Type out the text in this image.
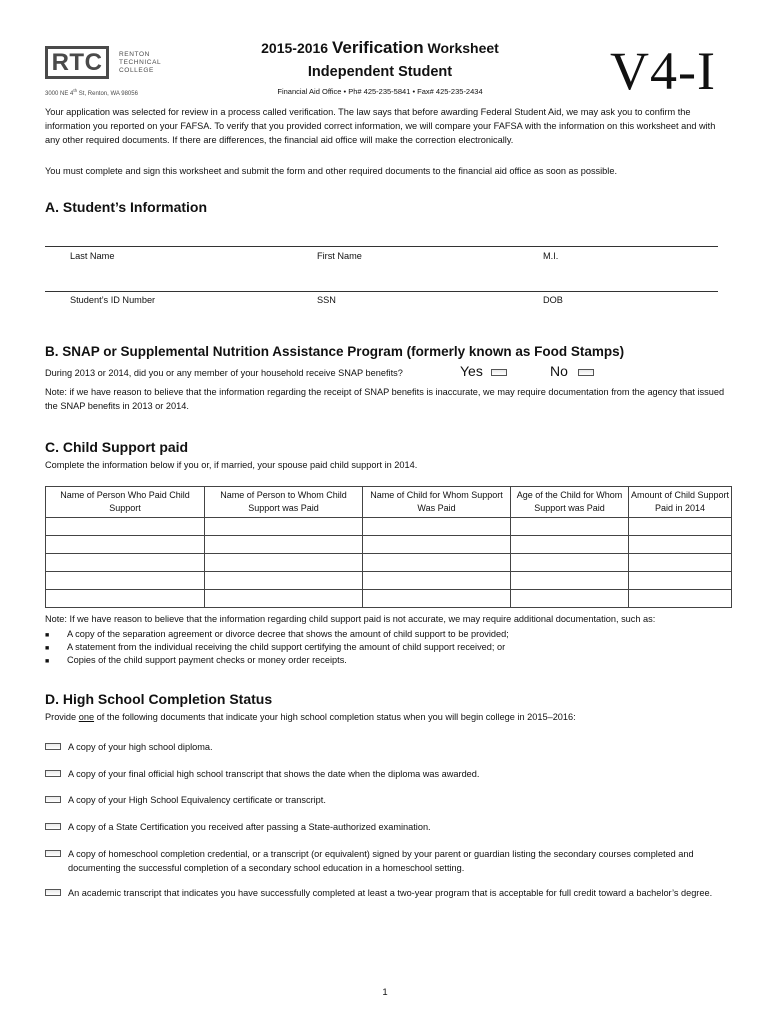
RTC	RENTON
TECHNICAL
COLLEGE
3000 NE 4th St, Renton, WA 98056
2015-2016 Verification Worksheet
Independent Student
Financial Aid Office • Ph# 425-235-5841 • Fax# 425-235-2434	V4-I
Your application was selected for review in a process called verification. The law says that before awarding Federal Student Aid, we may ask you to confirm the information you reported on your FAFSA. To verify that you provided correct information, we will compare your FAFSA with the information on this worksheet and with any other required documents. If there are differences, the financial aid office will make the correction electronically.
You must complete and sign this worksheet and submit the form and other required documents to the financial aid office as soon as possible.
A. Student’s Information
Last Name	First Name	M.I.
Student’s ID Number	SSN	DOB
B. SNAP or Supplemental Nutrition Assistance Program (formerly known as Food Stamps)
During 2013 or 2014, did you or any member of your household receive SNAP benefits?	Yes	No
Note: if we have reason to believe that the information regarding the receipt of SNAP benefits is inaccurate, we may require documentation from the agency that issued the SNAP benefits in 2013 or 2014.
C. Child Support paid
Complete the information below if you or, if married, your spouse paid child support in 2014.
Name of Person Who Paid Child Support	Name of Person to Whom Child Support was Paid	Name of Child for Whom Support Was Paid	Age of the Child for Whom Support was Paid	Amount of Child Support Paid in 2014

Note: If we have reason to believe that the information regarding child support paid is not accurate, we may require additional documentation, such as:
■ A copy of the separation agreement or divorce decree that shows the amount of child support to be provided;
■ A statement from the individual receiving the child support certifying the amount of child support received; or
■ Copies of the child support payment checks or money order receipts.
D. High School Completion Status
Provide one of the following documents that indicate your high school completion status when you will begin college in 2015–2016:
A copy of your high school diploma.
A copy of your final official high school transcript that shows the date when the diploma was awarded.
A copy of your High School Equivalency certificate or transcript.
A copy of a State Certification you received after passing a State-authorized examination.
A copy of homeschool completion credential, or a transcript (or equivalent) signed by your parent or guardian listing the secondary courses completed and documenting the successful completion of a secondary school education in a homeschool setting.
An academic transcript that indicates you have successfully completed at least a two-year program that is acceptable for full credit toward a bachelor’s degree.
1
